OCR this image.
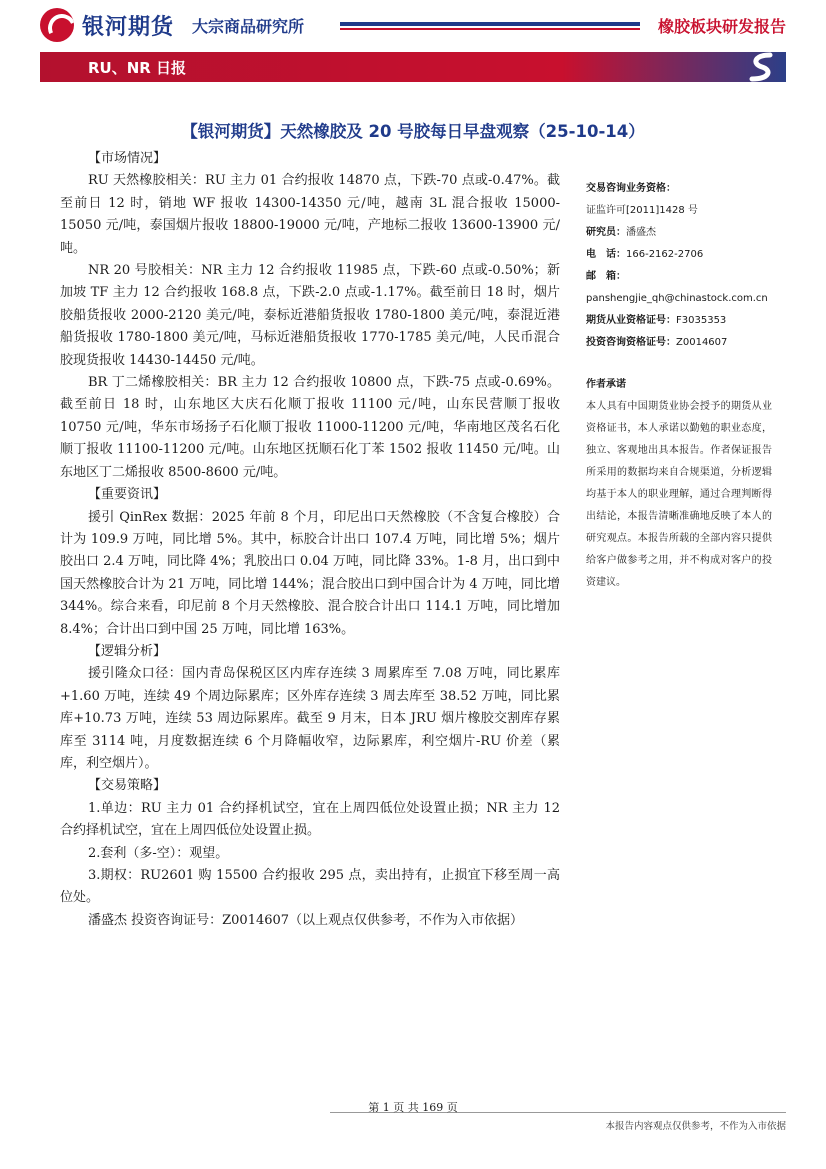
银河期货 大宗商品研究所	橡胶板块研发报告
RU、NR 日报
【银河期货】天然橡胶及 20 号胶每日早盘观察（25-10-14）

【市场情况】

RU 天然橡胶相关：RU 主力 01 合约报收 14870 点，下跌-70 点或-0.47%。截至前日 12 时，销地 WF 报收 14300-14350 元/吨，越南 3L 混合报收 15000-15050 元/吨，泰国烟片报收 18800-19000 元/吨，产地标二报收 13600-13900 元/吨。

NR 20 号胶相关：NR 主力 12 合约报收 11985 点，下跌-60 点或-0.50%；新加坡 TF 主力 12 合约报收 168.8 点，下跌-2.0 点或-1.17%。截至前日 18 时，烟片胶船货报收 2000-2120 美元/吨，泰标近港船货报收 1780-1800 美元/吨，泰混近港船货报收 1780-1800 美元/吨，马标近港船货报收 1770-1785 美元/吨，人民币混合胶现货报收 14430-14450 元/吨。

BR 丁二烯橡胶相关：BR 主力 12 合约报收 10800 点，下跌-75 点或-0.69%。截至前日 18 时，山东地区大庆石化顺丁报收 11100 元/吨，山东民营顺丁报收 10750 元/吨，华东市场扬子石化顺丁报收 11000-11200 元/吨，华南地区茂名石化顺丁报收 11100-11200 元/吨。山东地区抚顺石化丁苯 1502 报收 11450 元/吨。山东地区丁二烯报收 8500-8600 元/吨。

【重要资讯】

援引 QinRex 数据：2025 年前 8 个月，印尼出口天然橡胶（不含复合橡胶）合计为 109.9 万吨，同比增 5%。其中，标胶合计出口 107.4 万吨，同比增 5%；烟片胶出口 2.4 万吨，同比降 4%；乳胶出口 0.04 万吨，同比降 33%。1-8 月，出口到中国天然橡胶合计为 21 万吨，同比增 144%；混合胶出口到中国合计为 4 万吨，同比增 344%。综合来看，印尼前 8 个月天然橡胶、混合胶合计出口 114.1 万吨，同比增加 8.4%；合计出口到中国 25 万吨，同比增 163%。

【逻辑分析】

援引隆众口径：国内青岛保税区区内库存连续 3 周累库至 7.08 万吨，同比累库+1.60 万吨，连续 49 个周边际累库；区外库存连续 3 周去库至 38.52 万吨，同比累库+10.73 万吨，连续 53 周边际累库。截至 9 月末，日本 JRU 烟片橡胶交割库存累库至 3114 吨，月度数据连续 6 个月降幅收窄，边际累库，利空烟片-RU 价差（累库，利空烟片）。

【交易策略】

1.单边：RU 主力 01 合约择机试空，宜在上周四低位处设置止损；NR 主力 12 合约择机试空，宜在上周四低位处设置止损。

2.套利（多-空）：观望。

3.期权：RU2601 购 15500 合约报收 295 点，卖出持有，止损宜下移至周一高位处。

潘盛杰 投资咨询证号：Z0014607（以上观点仅供参考，不作为入市依据）

交易咨询业务资格：
证监许可[2011]1428 号
研究员：潘盛杰
电　话：166-2162-2706
邮　箱：
panshengjie_qh@chinastock.com.cn
期货从业资格证号：F3035353
投资咨询资格证号：Z0014607
作者承诺
本人具有中国期货业协会授予的期货从业资格证书，本人承诺以勤勉的职业态度，独立、客观地出具本报告。作者保证报告所采用的数据均来自合规渠道，分析逻辑均基于本人的职业理解，通过合理判断得出结论，本报告清晰准确地反映了本人的研究观点。本报告所载的全部内容只提供给客户做参考之用，并不构成对客户的投资建议。
第 1 页 共 169 页
本报告内容观点仅供参考，不作为入市依据
